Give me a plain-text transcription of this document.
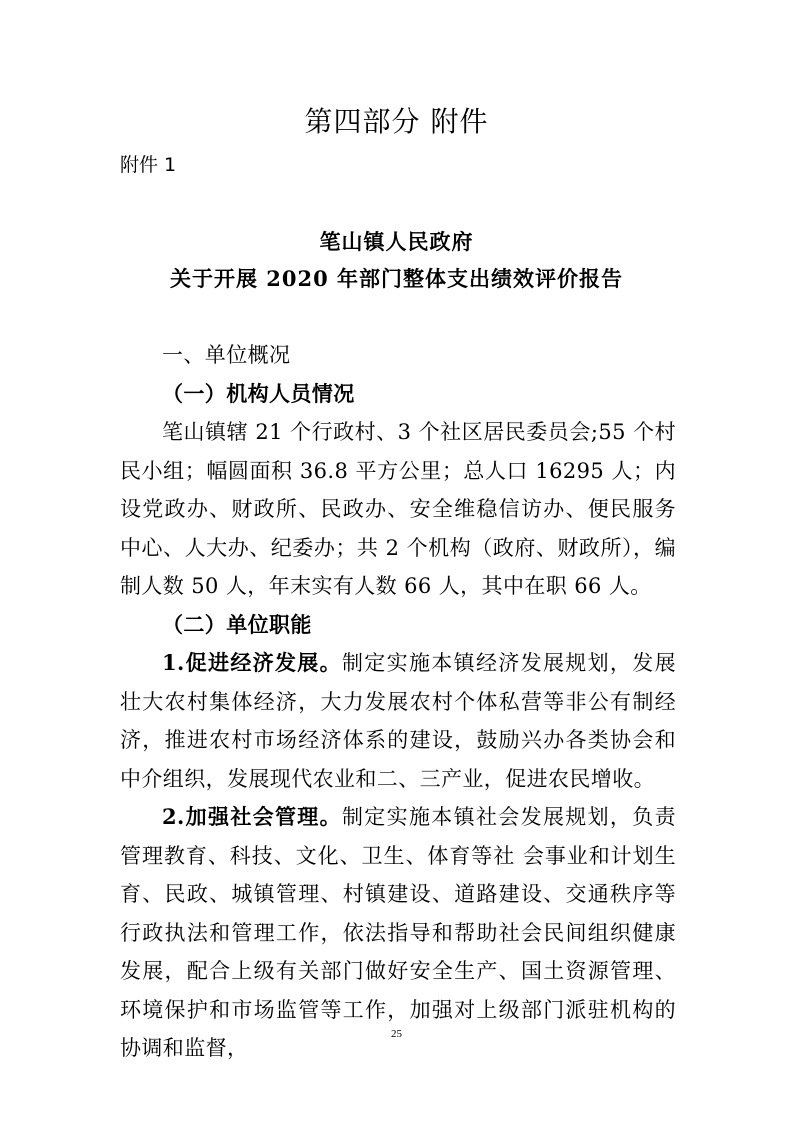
第四部分 附件
附件 1
笔山镇人民政府
关于开展 2020 年部门整体支出绩效评价报告

一、单位概况

（一）机构人员情况

笔山镇辖 21 个行政村、3 个社区居民委员会;55 个村民小组；幅圆面积 36.8 平方公里；总人口 16295 人；内设党政办、财政所、民政办、安全维稳信访办、便民服务中心、人大办、纪委办；共 2 个机构（政府、财政所），编制人数 50 人，年末实有人数 66 人，其中在职 66 人。

（二）单位职能

1.促进经济发展。制定实施本镇经济发展规划，发展壮大农村集体经济，大力发展农村个体私营等非公有制经济，推进农村市场经济体系的建设，鼓励兴办各类协会和中介组织，发展现代农业和二、三产业，促进农民增收。

2.加强社会管理。制定实施本镇社会发展规划，负责管理教育、科技、文化、卫生、体育等社 会事业和计划生育、民政、城镇管理、村镇建设、道路建设、交通秩序等行政执法和管理工作，依法指导和帮助社会民间组织健康发展，配合上级有关部门做好安全生产、国土资源管理、环境保护和市场监管等工作，加强对上级部门派驻机构的协调和监督，

25
